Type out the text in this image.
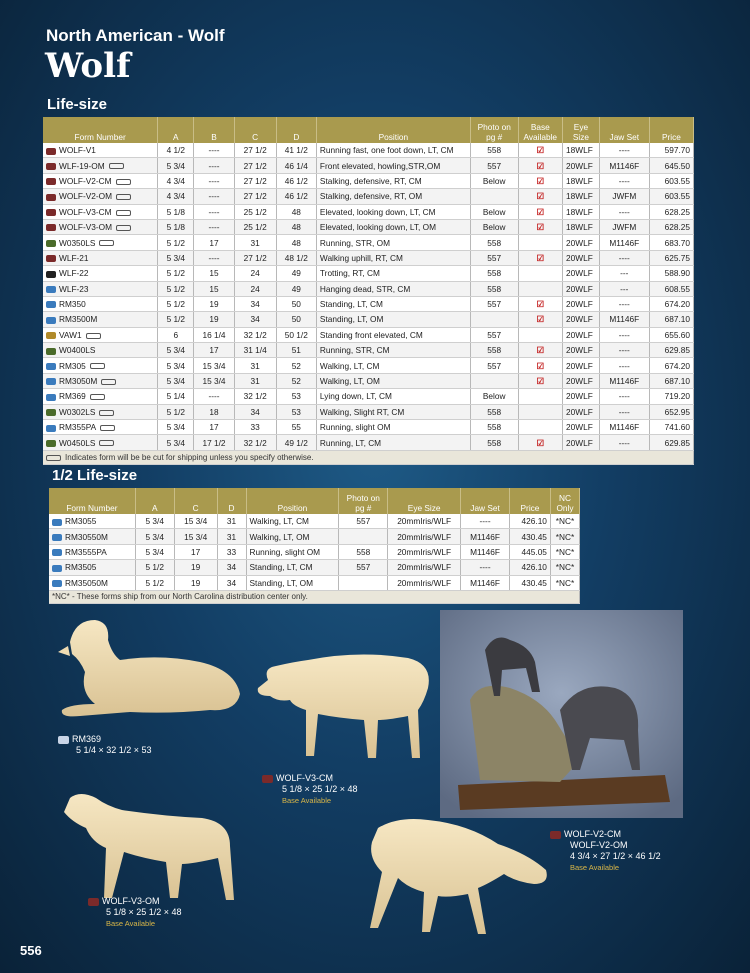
North American - Wolf
Wolf
Life-size
Form Number	A	B	C	D	Position	Photo on pg #	Base Available	Eye Size	Jaw Set	Price
WOLF-V1	4 1/2	----	27 1/2	41 1/2	Running fast, one foot down, LT, CM	558	☑	18WLF	----	597.70
WLF-19-OM	5 3/4	----	27 1/2	46 1/4	Front elevated, howling,STR,OM	557	☑	20WLF	M1146F	645.50
WOLF-V2-CM	4 3/4	----	27 1/2	46 1/2	Stalking, defensive, RT, CM	Below	☑	18WLF	----	603.55
WOLF-V2-OM	4 3/4	----	27 1/2	46 1/2	Stalking, defensive, RT, OM		☑	18WLF	JWFM	603.55
WOLF-V3-CM	5 1/8	----	25 1/2	48	Elevated, looking down, LT, CM	Below	☑	18WLF	----	628.25
WOLF-V3-OM	5 1/8	----	25 1/2	48	Elevated, looking down, LT, OM	Below	☑	18WLF	JWFM	628.25
W0350LS	5 1/2	17	31	48	Running, STR, OM	558		20WLF	M1146F	683.70
WLF-21	5 3/4	----	27 1/2	48 1/2	Walking uphill, RT, CM	557	☑	20WLF	----	625.75
WLF-22	5 1/2	15	24	49	Trotting, RT, CM	558		20WLF	---	588.90
WLF-23	5 1/2	15	24	49	Hanging dead, STR, CM	558		20WLF	---	608.55
RM350	5 1/2	19	34	50	Standing, LT, CM	557	☑	20WLF	----	674.20
RM3500M	5 1/2	19	34	50	Standing, LT, OM		☑	20WLF	M1146F	687.10
VAW1	6	16 1/4	32 1/2	50 1/2	Standing front elevated, CM	557		20WLF	----	655.60
W0400LS	5 3/4	17	31 1/4	51	Running, STR, CM	558	☑	20WLF	----	629.85
RM305	5 3/4	15 3/4	31	52	Walking, LT, CM	557	☑	20WLF	----	674.20
RM3050M	5 3/4	15 3/4	31	52	Walking, LT, OM		☑	20WLF	M1146F	687.10
RM369	5 1/4	----	32 1/2	53	Lying down, LT, CM	Below		20WLF	----	719.20
W0302LS	5 1/2	18	34	53	Walking, Slight RT, CM	558		20WLF	----	652.95
RM355PA	5 3/4	17	33	55	Running, slight OM	558		20WLF	M1146F	741.60
W0450LS	5 3/4	17 1/2	32 1/2	49 1/2	Running, LT, CM	558	☑	20WLF	----	629.85
Indicates form will be be cut for shipping unless you specify otherwise.										
1/2 Life-size
Form Number	A	C	D	Position	Photo on pg #	Eye Size	Jaw Set	Price	NC Only
RM3055	5 3/4	15 3/4	31	Walking, LT, CM	557	20mmIris/WLF	----	426.10	*NC*
RM30550M	5 3/4	15 3/4	31	Walking, LT, OM		20mmIris/WLF	M1146F	430.45	*NC*
RM3555PA	5 3/4	17	33	Running, slight OM	558	20mmIris/WLF	M1146F	445.05	*NC*
RM3505	5 1/2	19	34	Standing, LT, CM	557	20mmIris/WLF	----	426.10	*NC*
RM35050M	5 1/2	19	34	Standing, LT, OM		20mmIris/WLF	M1146F	430.45	*NC*
*NC* - These forms ship from our North Carolina distribution center only.									
RM369
5 1/4 × 32 1/2 × 53
WOLF-V3-CM
5 1/8 × 25 1/2 × 48
Base Available
WOLF-V3-OM
5 1/8 × 25 1/2 × 48
Base Available
WOLF-V2-CM
WOLF-V2-OM
4 3/4 × 27 1/2 × 46 1/2
Base Available
556
